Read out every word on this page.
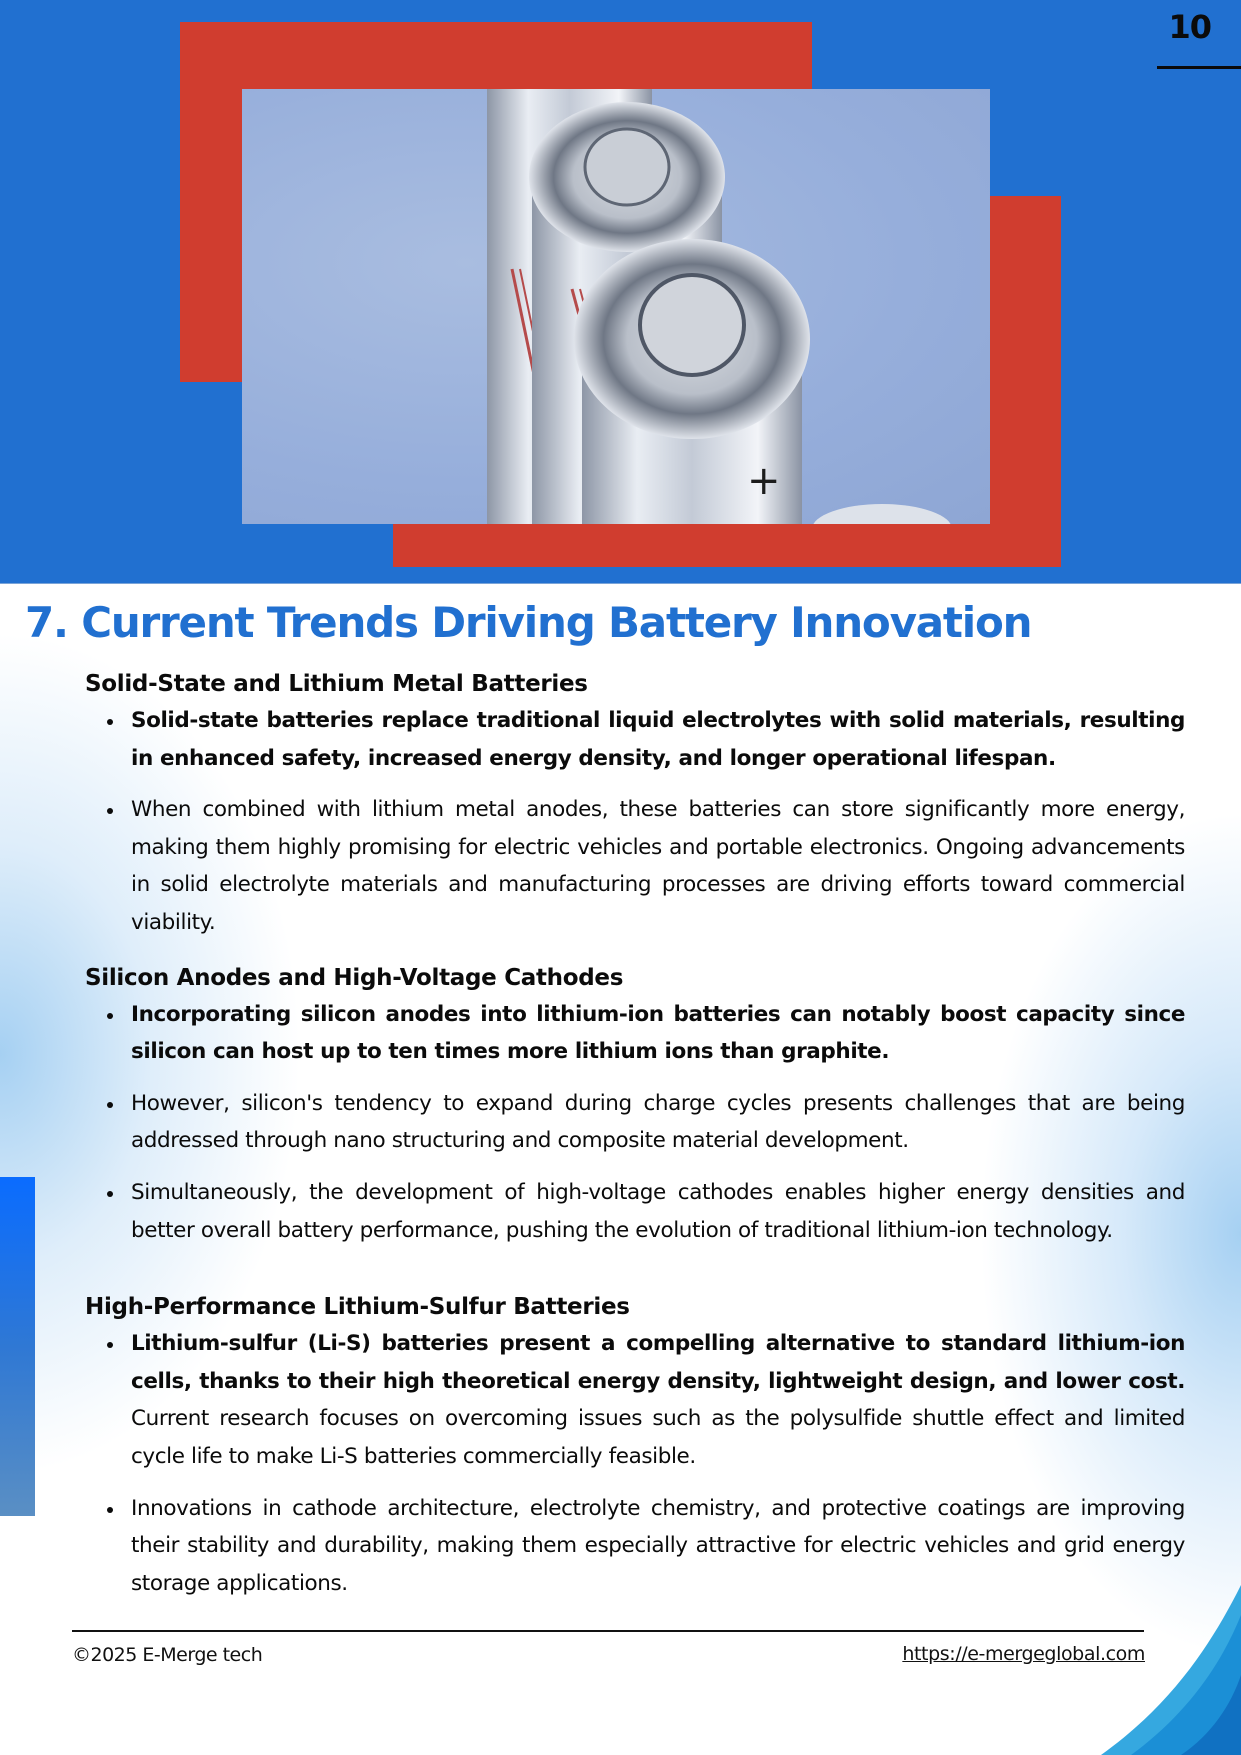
+
10
7. Current Trends Driving Battery Innovation
Solid-State and Lithium Metal Batteries
Solid-state batteries replace traditional liquid electrolytes with solid materials, resulting in enhanced safety, increased energy density, and longer operational lifespan.
When combined with lithium metal anodes, these batteries can store significantly more energy, making them highly promising for electric vehicles and portable electronics. Ongoing advancements in solid electrolyte materials and manufacturing processes are driving efforts toward commercial viability.
Silicon Anodes and High-Voltage Cathodes
Incorporating silicon anodes into lithium-ion batteries can notably boost capacity since silicon can host up to ten times more lithium ions than graphite.
However, silicon's tendency to expand during charge cycles presents challenges that are being addressed through nano structuring and composite material development.
Simultaneously, the development of high-voltage cathodes enables higher energy densities and better overall battery performance, pushing the evolution of traditional lithium-ion technology.
High-Performance Lithium-Sulfur Batteries
Lithium-sulfur (Li-S) batteries present a compelling alternative to standard lithium-ion cells, thanks to their high theoretical energy density, lightweight design, and lower cost. Current research focuses on overcoming issues such as the polysulfide shuttle effect and limited cycle life to make Li-S batteries commercially feasible.
Innovations in cathode architecture, electrolyte chemistry, and protective coatings are improving their stability and durability, making them especially attractive for electric vehicles and grid energy storage applications.
©2025 E-Merge tech	https://e-mergeglobal.com
